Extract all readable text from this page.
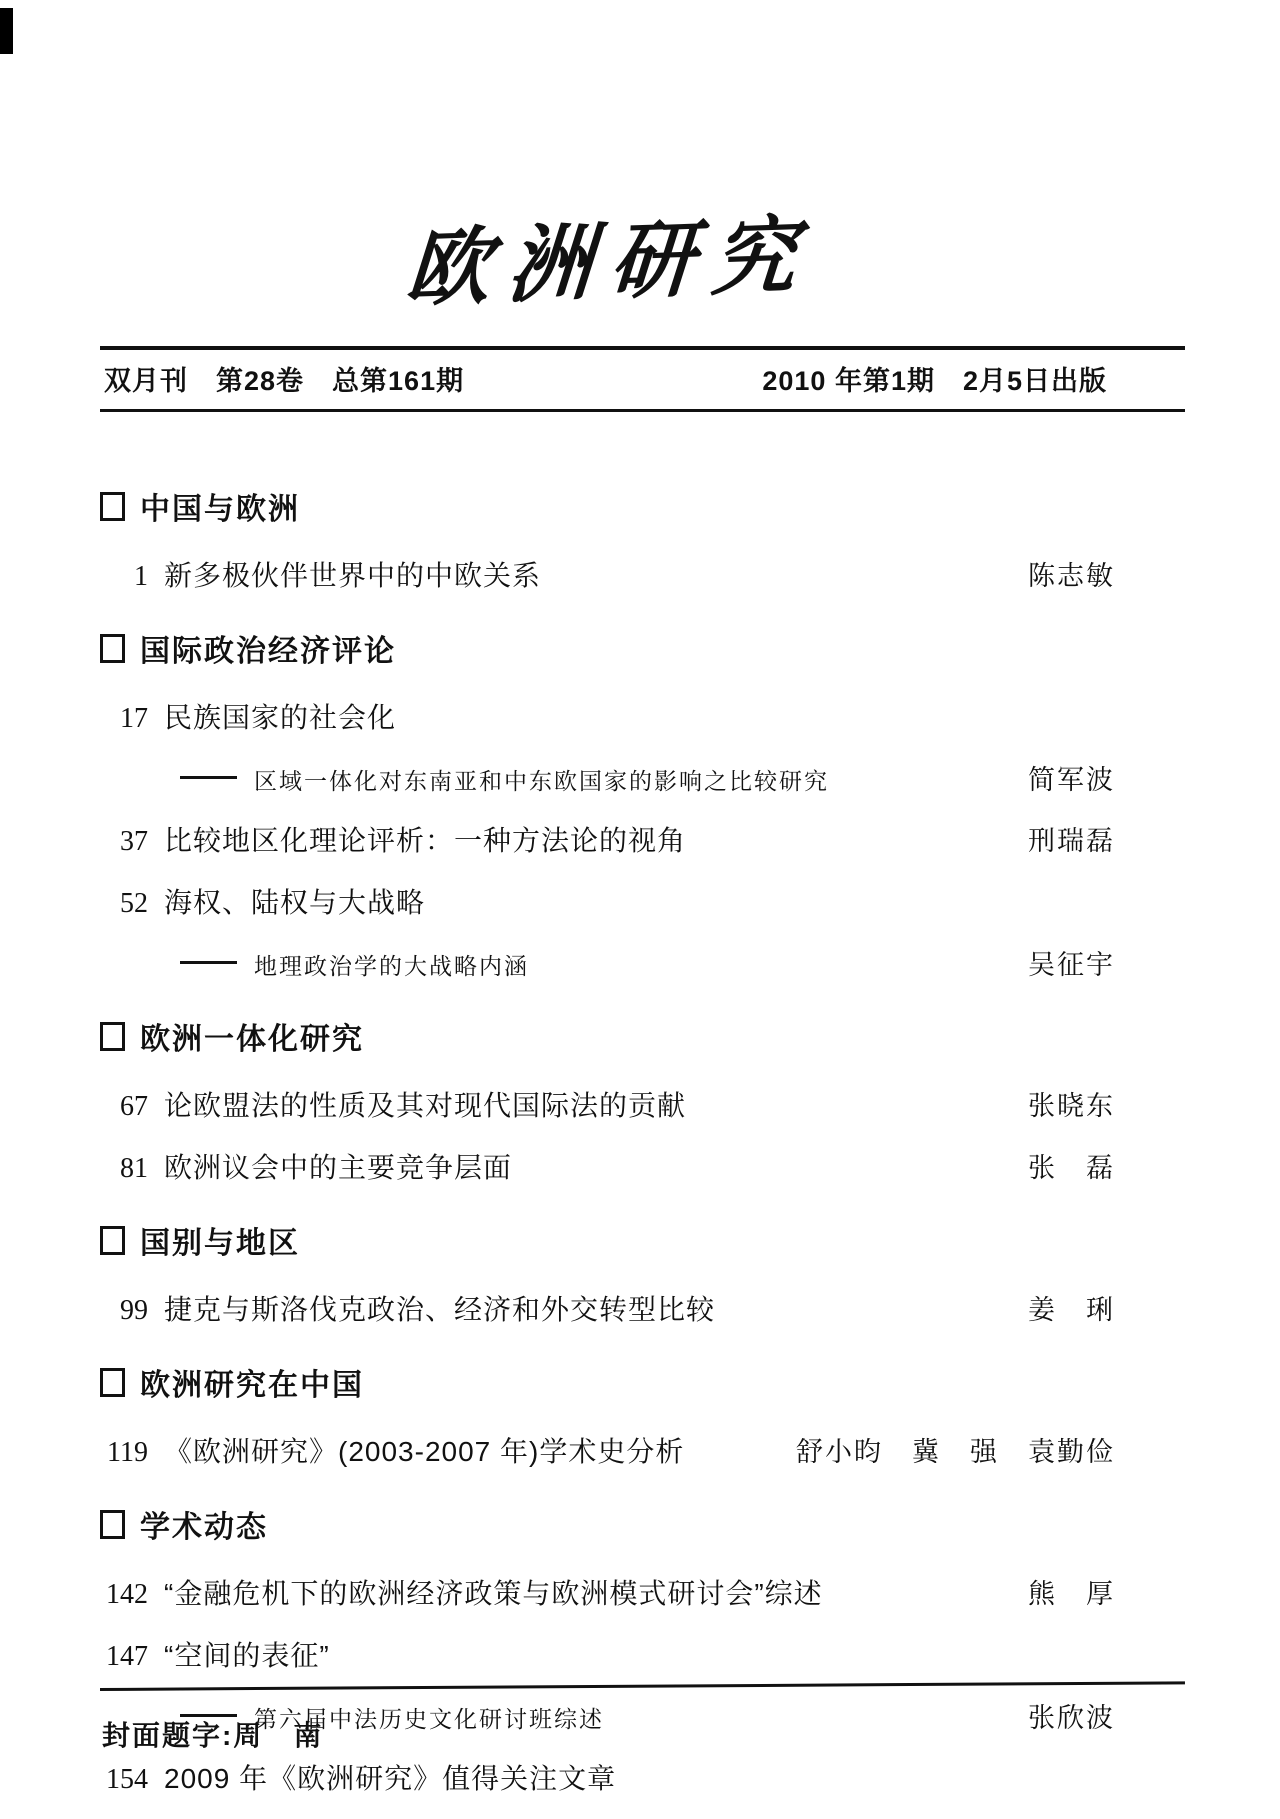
欧洲研究
双月刊　第28卷　总第161期	2010 年第1期　2月5日出版
中国与欧洲
1 新多极伙伴世界中的中欧关系	陈志敏
国际政治经济评论
17 民族国家的社会化
区域一体化对东南亚和中东欧国家的影响之比较研究	简军波
37 比较地区化理论评析：一种方法论的视角	刑瑞磊
52 海权、陆权与大战略
地理政治学的大战略内涵	吴征宇
欧洲一体化研究
67 论欧盟法的性质及其对现代国际法的贡献	张晓东
81 欧洲议会中的主要竞争层面	张　磊
国别与地区
99 捷克与斯洛伐克政治、经济和外交转型比较	姜　琍
欧洲研究在中国
119 《欧洲研究》(2003-2007 年)学术史分析	舒小昀　冀　强　袁勤俭
学术动态
142 “金融危机下的欧洲经济政策与欧洲模式研讨会”综述	熊　厚
147 “空间的表征”
第六届中法历史文化研讨班综述	张欣波
154 2009 年《欧洲研究》值得关注文章
封面题字:周　南
